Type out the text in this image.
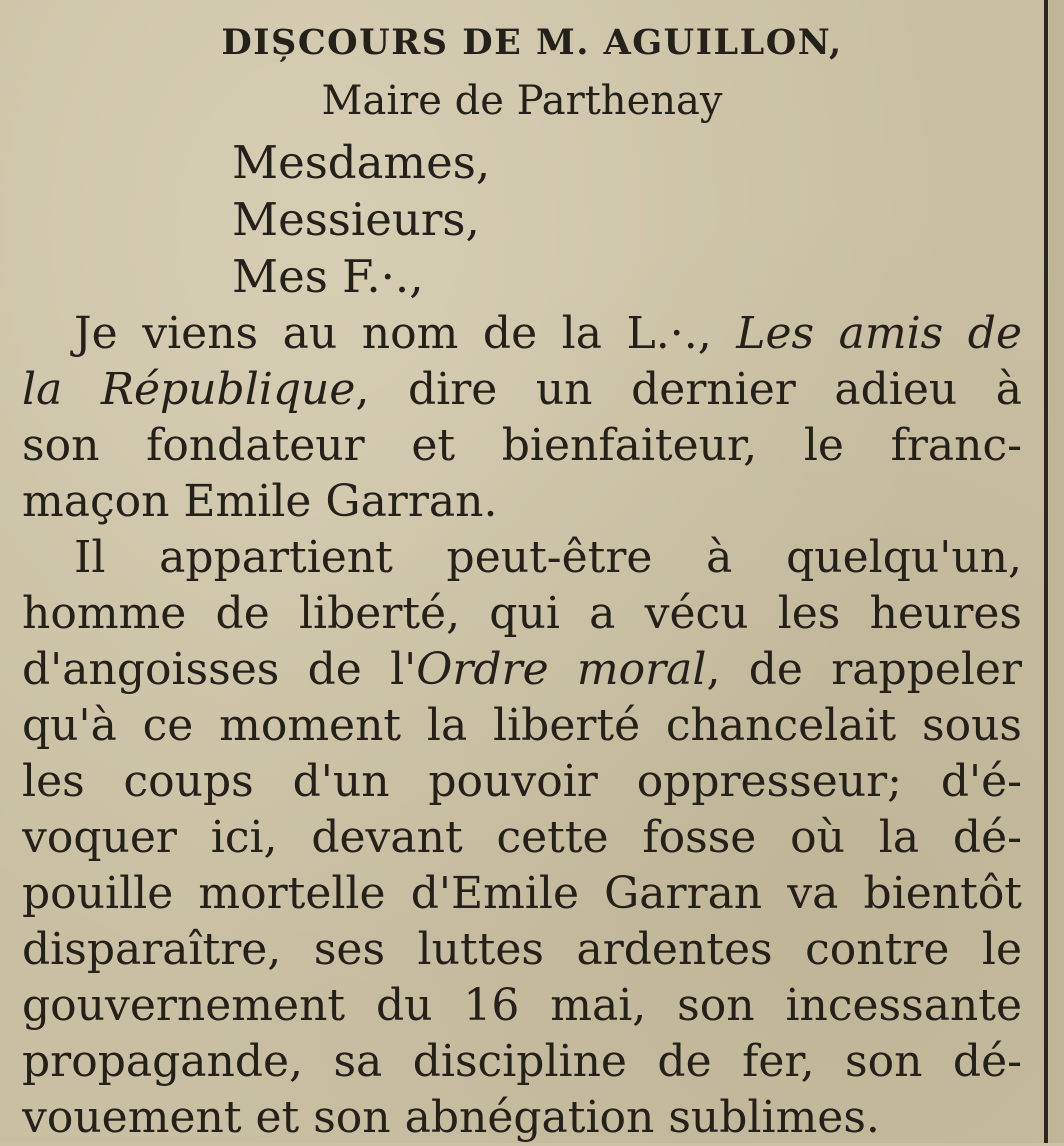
DIȘCOURS DE M. AGUILLON,
Maire de Parthenay
Mesdames,
Messieurs,
Mes F.·.,
Je viens au nom de la L.·., Les amis de
la République, dire un dernier adieu à
son fondateur et bienfaiteur, le franc-
maçon Emile Garran.
Il appartient peut-être à quelqu'un,
homme de liberté, qui a vécu les heures
d'angoisses de l'Ordre moral, de rappeler
qu'à ce moment la liberté chancelait sous
les coups d'un pouvoir oppresseur; d'é-
voquer ici, devant cette fosse où la dé-
pouille mortelle d'Emile Garran va bientôt
disparaître, ses luttes ardentes contre le
gouvernement du 16 mai, son incessante
propagande, sa discipline de fer, son dé-
vouement et son abnégation sublimes.
